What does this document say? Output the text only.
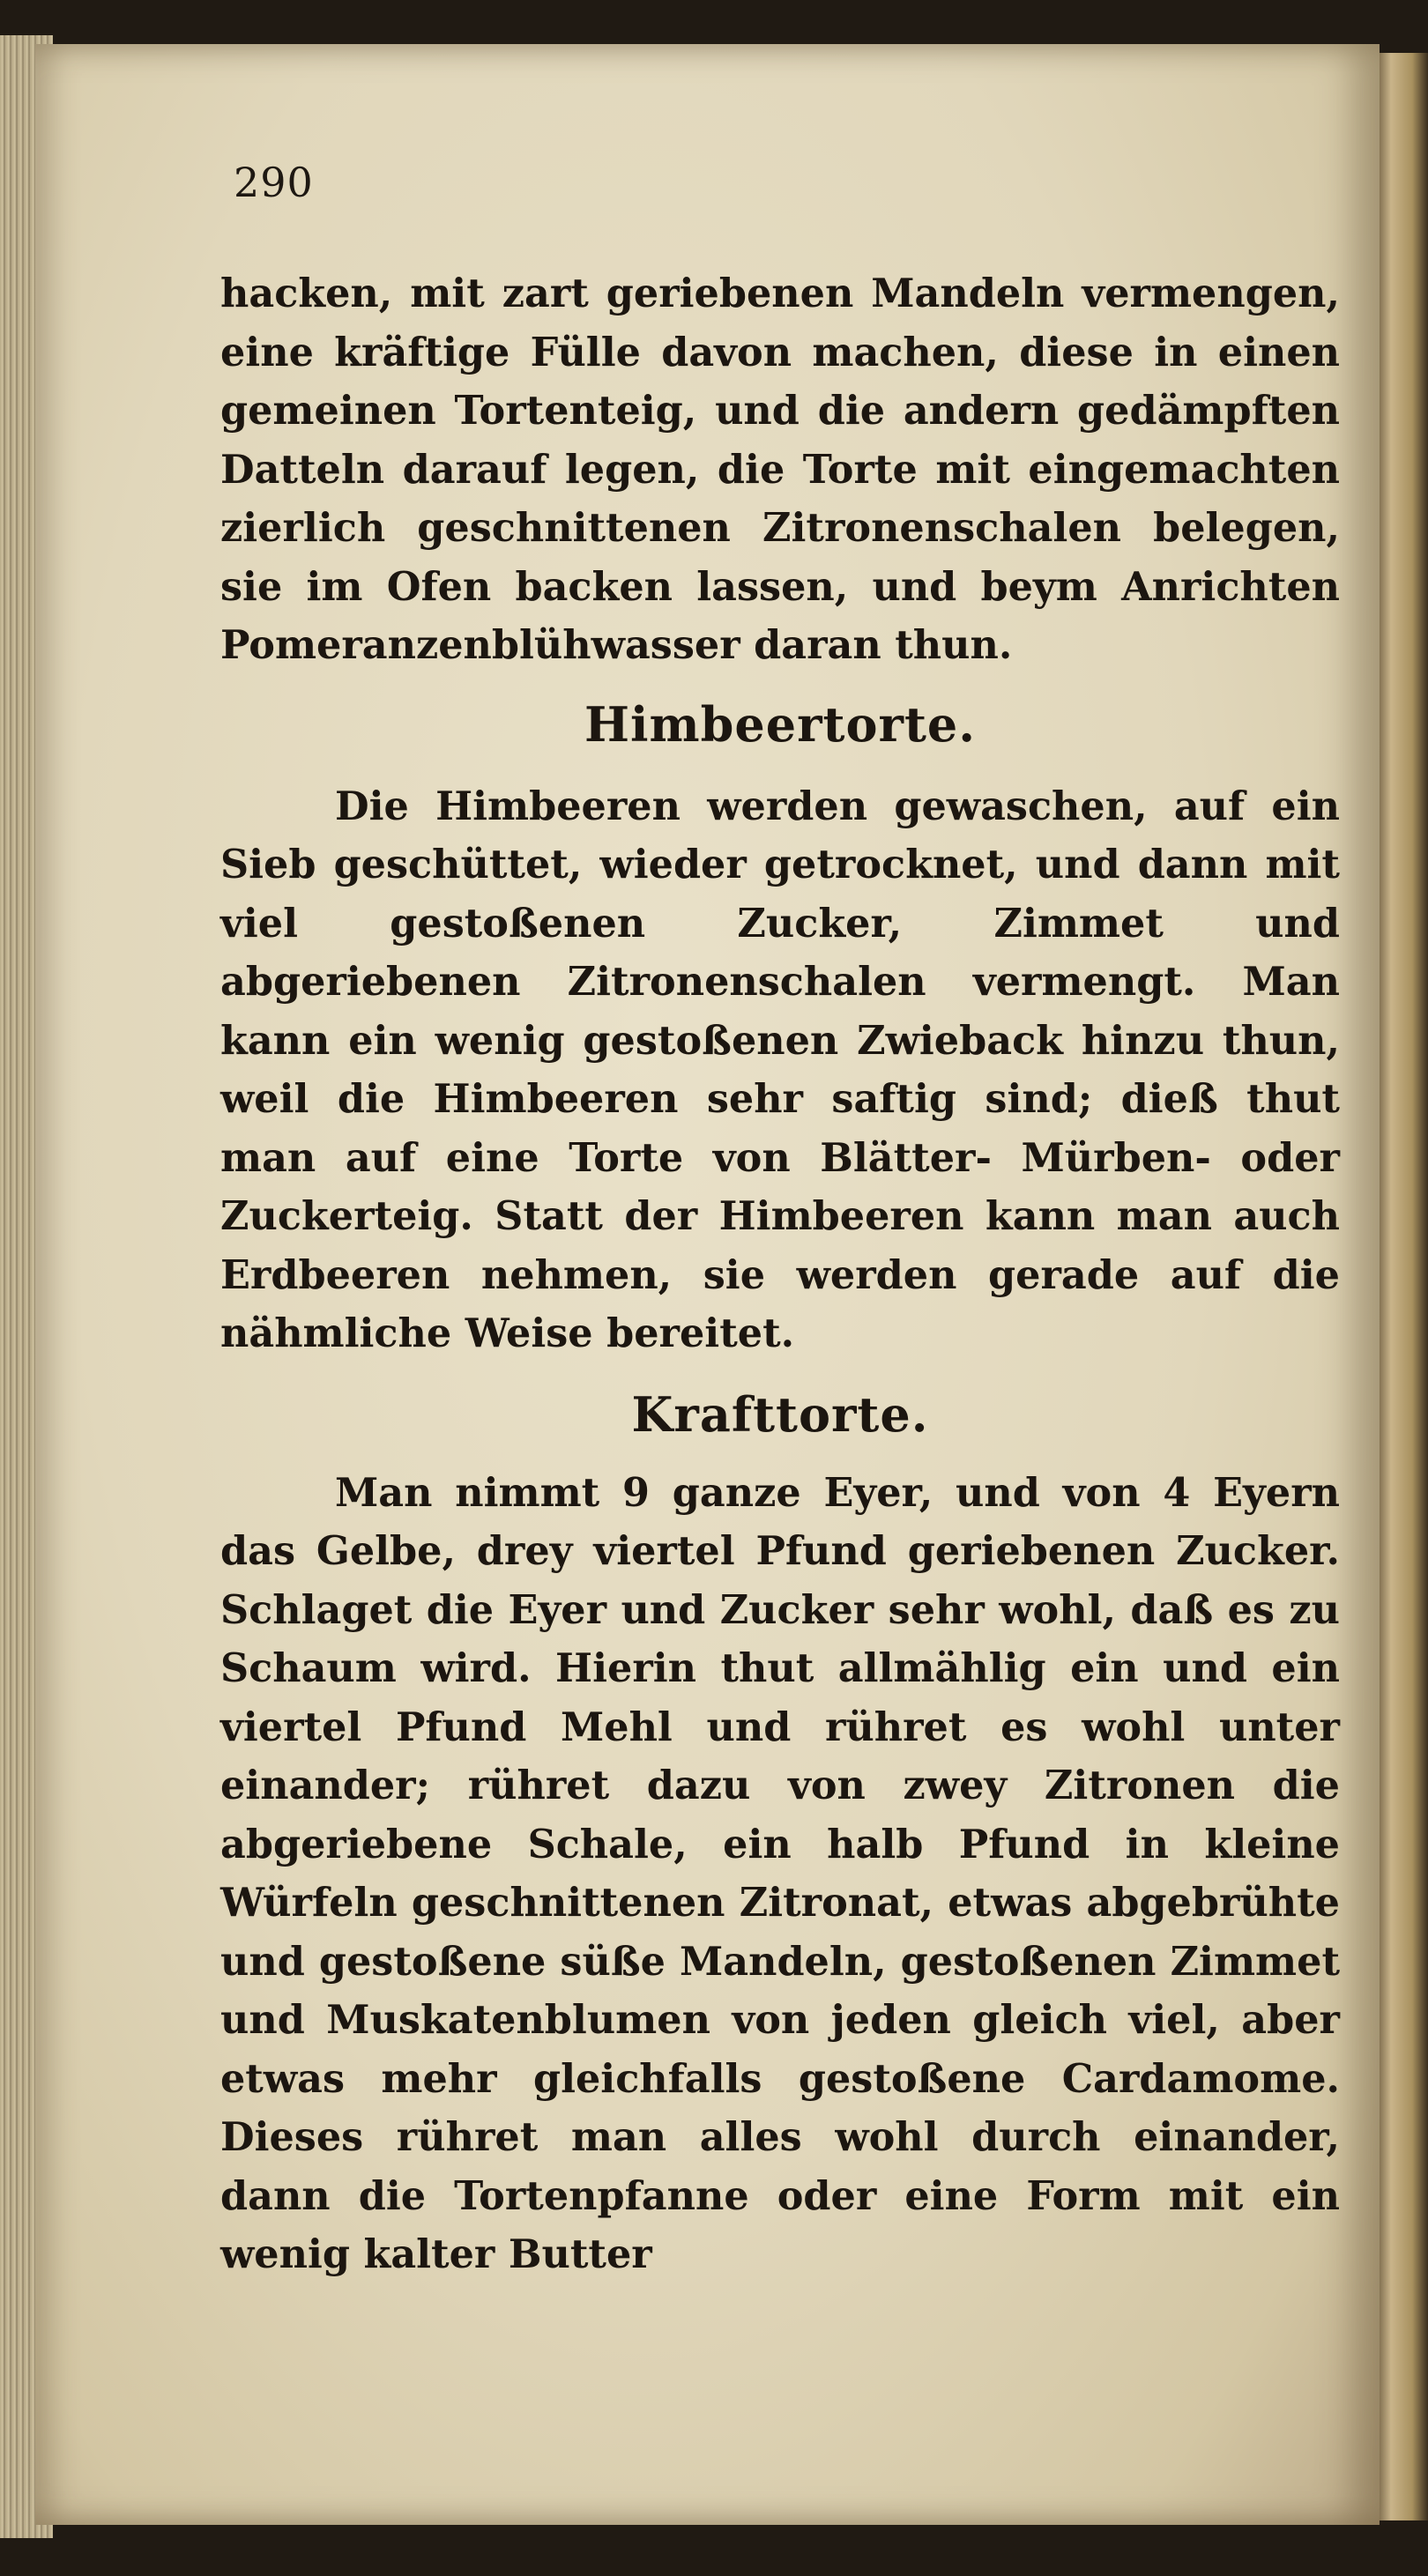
290

hacken, mit zart geriebenen Mandeln vermengen, eine kräftige Fülle davon machen, diese in einen gemeinen Tortenteig, und die andern gedämpften Datteln darauf legen, die Torte mit eingemachten zierlich geschnittenen Zitronenschalen belegen, sie im Ofen backen lassen, und beym Anrichten Pomeranzenblühwasser daran thun.

Himbeertorte.

Die Himbeeren werden gewaschen, auf ein Sieb geschüttet, wieder getrocknet, und dann mit viel gestoßenen Zucker, Zimmet und abgeriebenen Zitronenschalen vermengt. Man kann ein wenig gestoßenen Zwieback hinzu thun, weil die Himbeeren sehr saftig sind; dieß thut man auf eine Torte von Blätter- Mürben- oder Zuckerteig. Statt der Himbeeren kann man auch Erdbeeren nehmen, sie werden gerade auf die nähmliche Weise bereitet.

Krafttorte.

Man nimmt 9 ganze Eyer, und von 4 Eyern das Gelbe, drey viertel Pfund geriebenen Zucker. Schlaget die Eyer und Zucker sehr wohl, daß es zu Schaum wird. Hierin thut allmählig ein und ein viertel Pfund Mehl und rühret es wohl unter einander; rühret dazu von zwey Zitronen die abgeriebene Schale, ein halb Pfund in kleine Würfeln geschnittenen Zitronat, etwas abgebrühte und gestoßene süße Mandeln, gestoßenen Zimmet und Muskatenblumen von jeden gleich viel, aber etwas mehr gleichfalls gestoßene Cardamome. Dieses rühret man alles wohl durch einander, dann die Tortenpfanne oder eine Form mit ein wenig kalter Butter
